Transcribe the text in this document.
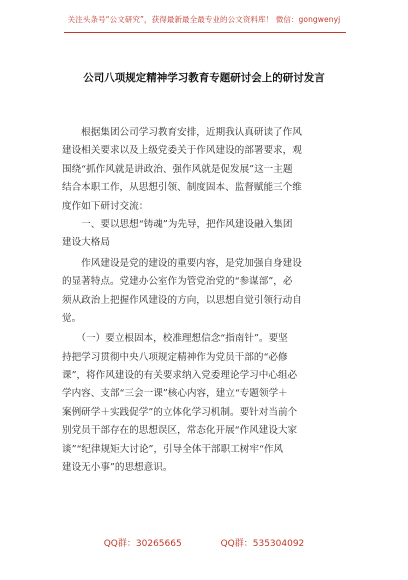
关注头条号“公文研究”，获得最新最全最专业的公文资料库！ 微信：gongwenyj
公司八项规定精神学习教育专题研讨会上的研讨发言
　　根据集团公司学习教育安排，近期我认真研读了作风
建设相关要求以及上级党委关于作风建设的部署要求，观
围绕“抓作风就是讲政治、强作风就是促发展”这一主题
结合本职工作，从思想引领、制度固本、监督赋能三个维
度作如下研讨交流：
　　一、要以思想“铸魂”为先导，把作风建设融入集团
建设大格局
　　作风建设是党的建设的重要内容，是党加强自身建设
的显著特点。党建办公室作为管党治党的“参谋部”，必
须从政治上把握作风建设的方向，以思想自觉引领行动自
觉。
　　（一）要立根固本，校准理想信念“指南针”。要坚
持把学习贯彻中央八项规定精神作为党员干部的“必修
课”，将作风建设的有关要求纳入党委理论学习中心组必
学内容、支部“三会一课”核心内容，建立“专题领学＋
案例研学＋实践促学”的立体化学习机制。要针对当前个
别党员干部存在的思想误区，常态化开展“作风建设大家
谈”“纪律规矩大讨论”，引导全体干部职工树牢“作风
建设无小事”的思想意识。
QQ群：30265665	QQ群：535304092
